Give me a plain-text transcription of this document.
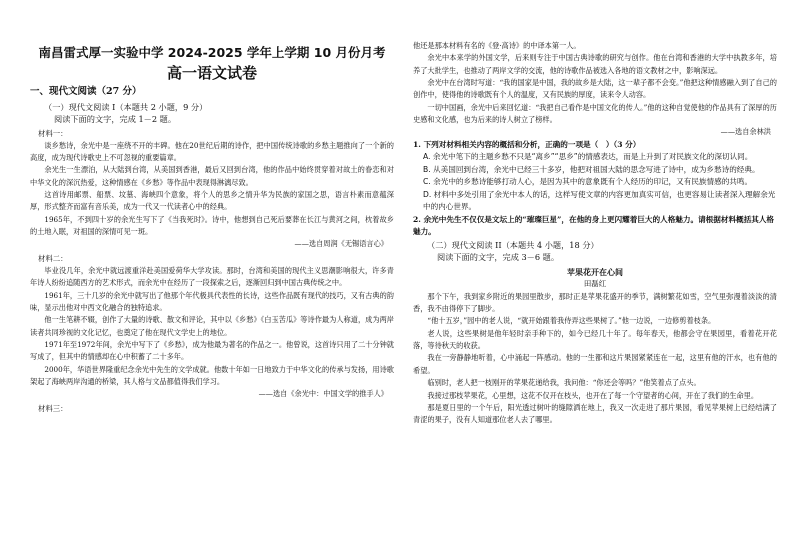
南昌雷式厚一实验中学 2024-2025 学年上学期 10 月份月考
高一语文试卷
一、现代文阅读（27 分）
（一）现代文阅读 I（本题共 2 小题，9 分）
阅读下面的文字，完成 1－2 题。
材料一：
谈乡愁诗，余光中是一座绕不开的丰碑。他在20世纪后期的诗作，把中国传统诗歌的乡愁主题推向了一个新的高度，成为现代诗歌史上不可忽视的重要篇章。
余光生一生漂泊，从大陆到台湾，从美国到香港，最后又回到台湾，他的作品中始终贯穿着对故土的眷恋和对中华文化的深沉热爱，这种情感在《乡愁》等作品中表现得淋漓尽致。
这首诗用邮票、船票、坟墓、海峡四个意象，将个人的思乡之情升华为民族的家国之思，语言朴素而意蕴深厚，形式整齐而富有音乐美，成为一代又一代读者心中的经典。
1965年，不到四十岁的余光生写下了《当我死时》。诗中，他想到自己死后要葬在长江与黄河之间，枕着故乡的土地入眠，对祖国的深情可见一斑。
——选自周润《无锡语言心》
材料二：
毕业没几年，余光中就远渡重洋赴美国爱荷华大学攻读。那时，台湾和美国的现代主义思潮影响很大，许多青年诗人纷纷追随西方的艺术形式，而余光中在经历了一段探索之后，逐渐回归到中国古典传统之中。
1961年，三十几岁的余光中就写出了他那个年代极具代表性的长诗，这些作品既有现代的技巧，又有古典的韵味，显示出他对中西文化融合的独特追求。
他一生笔耕不辍，创作了大量的诗歌、散文和评论，其中以《乡愁》《白玉苦瓜》等诗作最为人称道，成为两岸读者共同珍视的文化记忆，也奠定了他在现代文学史上的地位。
1971年至1972年间，余光中写下了《乡愁》，成为他最为著名的作品之一。他曾说，这首诗只用了二十分钟就写成了，但其中的情感却在心中积蓄了二十多年。
2000年，华语世界隆重纪念余光中先生的文学成就。他数十年如一日地致力于中华文化的传承与发扬，用诗歌架起了海峡两岸沟通的桥梁，其人格与文品都值得我们学习。
——选自《余光中：中国文学的推手人》
材料三：
他还是那本材料有名的《登·高诗》的中译本第一人。
余光中本来学的外国文学，后来则专注于中国古典诗歌的研究与创作。他在台湾和香港的大学中执教多年，培养了大批学生，也推动了两岸文学的交流，他的诗歌作品被选入各地的语文教材之中，影响深远。
余光中在台湾时写道：“我的国家是中国，我的故乡是大陆，这一辈子都不会变。”他把这种情感融入到了自己的创作中，使得他的诗歌既有个人的温度，又有民族的厚度，读来令人动容。
一切中国画，余光中后来回忆道：“我把自己看作是中国文化的传人。”他的这种自觉使他的作品具有了深厚的历史感和文化感，也为后来的诗人树立了榜样。
——选自余林洪
1. 下列对材料相关内容的概括和分析，正确的一项是（　）（3 分）
A. 余光中笔下的主题乡愁不只是“离乡”“思乡”的情感表达，而是上升到了对民族文化的深切认同。
B. 从美国回到台湾，余光中已经三十多岁，他把对祖国大陆的思念写进了诗中，成为乡愁诗的经典。
C. 余光中的乡愁诗能够打动人心，是因为其中的意象既有个人经历的印记，又有民族情感的共鸣。
D. 材料中多处引用了余光中本人的话，这样写使文章的内容更加真实可信，也更容易让读者深入理解余光中的内心世界。
2. 余光中先生不仅仅是文坛上的“璀璨巨星”，在他的身上更闪耀着巨大的人格魅力。请根据材料概括其人格魅力。
（二）现代文阅读 II（本题共 4 小题，18 分）
阅读下面的文字，完成 3－6 题。
苹果花开在心间
田磊红
那个下午，我到家乡附近的果园里散步，那时正是苹果花盛开的季节，满树繁花如雪，空气里弥漫着淡淡的清香，我不由得停下了脚步。
“他十五岁，”园中的老人说，“就开始跟着我侍弄这些果树了。”他一边说，一边修剪着枝条。
老人说，这些果树是他年轻时亲手种下的，如今已经几十年了。每年春天，他都会守在果园里，看着花开花落，等待秋天的收获。
我在一旁静静地听着，心中涌起一阵感动。他的一生都和这片果园紧紧连在一起，这里有他的汗水，也有他的希望。
临别时，老人把一枝刚开的苹果花递给我，我问他：“你还会等吗？”他笑着点了点头。
我接过那枝苹果花，心里想，这花不仅开在枝头，也开在了每一个守望者的心间，开在了我们的生命里。
那是夏日里的一个午后，阳光透过树叶的缝隙洒在地上，我又一次走进了那片果园，看见苹果树上已经结满了青涩的果子，没有人知道那位老人去了哪里。
